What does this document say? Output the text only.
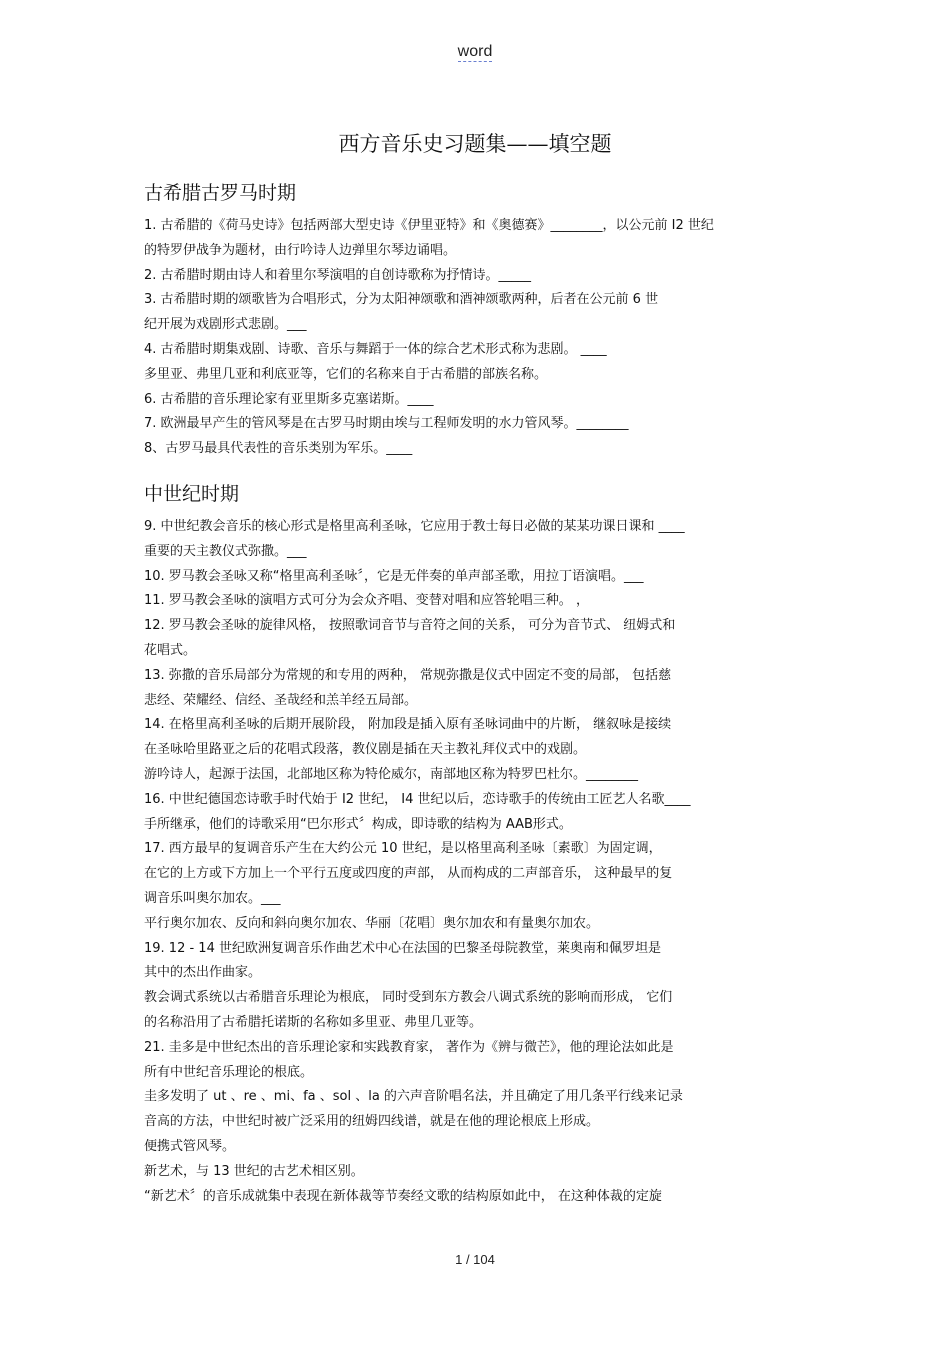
word
西方音乐史习题集——填空题
古希腊古罗马时期
1. 古希腊的《荷马史诗》包括两部大型史诗《伊里亚特》和《奥德赛》________，以公元前 I2 世纪
的特罗伊战争为题材，由行吟诗人边弹里尔琴边诵唱。
2. 古希腊时期由诗人和着里尔琴演唱的自创诗歌称为抒情诗。_____
3. 古希腊时期的颂歌皆为合唱形式，分为太阳神颂歌和酒神颂歌两种，后者在公元前 6 世
纪开展为戏剧形式悲剧。___
4. 古希腊时期集戏剧、诗歌、音乐与舞蹈于一体的综合艺术形式称为悲剧。 ____
多里亚、弗里几亚和利底亚等，它们的名称来自于古希腊的部族名称。
6. 古希腊的音乐理论家有亚里斯多克塞诺斯。____
7. 欧洲最早产生的管风琴是在古罗马时期由埃与工程师发明的水力管风琴。________
8、古罗马最具代表性的音乐类别为军乐。____
中世纪时期
9. 中世纪教会音乐的核心形式是格里高利圣咏，它应用于教士每日必做的某某功课日课和 ____
重要的天主教仪式弥撒。___
10. 罗马教会圣咏又称“格里高利圣咏〞，它是无伴奏的单声部圣歌，用拉丁语演唱。___
11. 罗马教会圣咏的演唱方式可分为会众齐唱、变替对唱和应答轮唱三种。 ，
12. 罗马教会圣咏的旋律风格， 按照歌词音节与音符之间的关系， 可分为音节式、 纽姆式和
花唱式。
13. 弥撒的音乐局部分为常规的和专用的两种， 常规弥撒是仪式中固定不变的局部， 包括慈
悲经、荣耀经、信经、圣哉经和羔羊经五局部。
14. 在格里高利圣咏的后期开展阶段， 附加段是插入原有圣咏词曲中的片断， 继叙咏是接续
在圣咏哈里路亚之后的花唱式段落，教仪剧是插在天主教礼拜仪式中的戏剧。
游吟诗人，起源于法国，北部地区称为特伦威尔，南部地区称为特罗巴杜尔。________
16. 中世纪德国恋诗歌手时代始于 I2 世纪， I4 世纪以后，恋诗歌手的传统由工匠艺人名歌____
手所继承，他们的诗歌采用“巴尔形式〞构成，即诗歌的结构为 AAB形式。
17. 西方最早的复调音乐产生在大约公元 10 世纪，是以格里高利圣咏〔素歌〕为固定调，
在它的上方或下方加上一个平行五度或四度的声部， 从而构成的二声部音乐， 这种最早的复
调音乐叫奥尔加农。___
平行奥尔加农、反向和斜向奥尔加农、华丽〔花唱〕奥尔加农和有量奥尔加农。
19. 12 - 14 世纪欧洲复调音乐作曲艺术中心在法国的巴黎圣母院教堂，莱奥南和佩罗坦是
其中的杰出作曲家。
教会调式系统以古希腊音乐理论为根底， 同时受到东方教会八调式系统的影响而形成， 它们
的名称沿用了古希腊托诺斯的名称如多里亚、弗里几亚等。
21. 圭多是中世纪杰出的音乐理论家和实践教育家， 著作为《辨与微芒》，他的理论法如此是
所有中世纪音乐理论的根底。
圭多发明了 ut 、re 、mi、fa 、sol 、la 的六声音阶唱名法，并且确定了用几条平行线来记录
音高的方法，中世纪时被广泛采用的纽姆四线谱，就是在他的理论根底上形成。
便携式管风琴。
新艺术，与 13 世纪的古艺术相区别。
“新艺术〞的音乐成就集中表现在新体裁等节奏经文歌的结构原如此中， 在这种体裁的定旋
1 / 104
